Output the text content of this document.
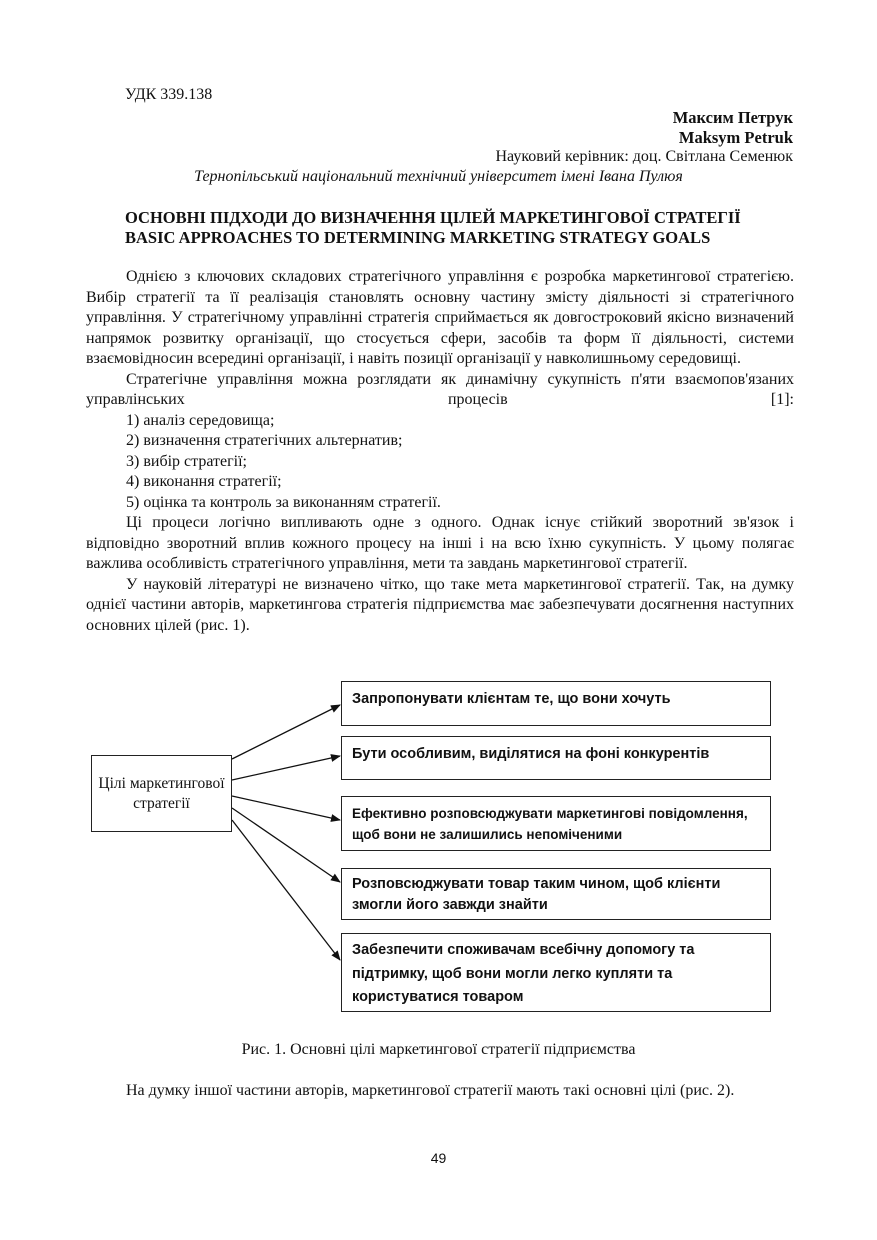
УДК 339.138
Максим Петрук
Maksym Petruk
Науковий керівник: доц. Світлана Семенюк
Тернопільський національний технічний університет імені Івана Пулюя
ОСНОВНІ ПІДХОДИ ДО ВИЗНАЧЕННЯ ЦІЛЕЙ МАРКЕТИНГОВОЇ СТРАТЕГІЇ
BASIC APPROACHES TO DETERMINING MARKETING STRATEGY GOALS

Однією з ключових складових стратегічного управління є розробка маркетингової стратегією. Вибір стратегії та її реалізація становлять основну частину змісту діяльності зі стратегічного управління. У стратегічному управлінні стратегія сприймається як довгостроковий якісно визначений напрямок розвитку організації, що стосується сфери, засобів та форм її діяльності, системи взаємовідносин всередині організації, і навіть позиції організації у навколишньому середовищі.

Стратегічне управління можна розглядати як динамічну сукупність п'яти взаємопов'язаних управлінських процесів [1]:

1) аналіз середовища;

2) визначення стратегічних альтернатив;

3) вибір стратегії;

4) виконання стратегії;

5) оцінка та контроль за виконанням стратегії.

Ці процеси логічно випливають одне з одного. Однак існує стійкий зворотний зв'язок і відповідно зворотний вплив кожного процесу на інші і на всю їхню сукупність. У цьому полягає важлива особливість стратегічного управління, мети та завдань маркетингової стратегії.

У науковій літературі не визначено чітко, що таке мета маркетингової стратегії. Так, на думку однієї частини авторів, маркетингова стратегія підприємства має забезпечувати досягнення наступних основних цілей (рис. 1).

Цілі маркетингової стратегії
Запропонувати клієнтам те, що вони хочуть
Бути особливим, виділятися на фоні конкурентів
Ефективно розповсюджувати маркетингові повідомлення, щоб вони не залишились непоміченими
Розповсюджувати товар таким чином, щоб клієнти змогли його завжди знайти
Забезпечити споживачам всебічну допомогу та підтримку, щоб вони могли легко купляти та користуватися товаром
Рис. 1. Основні цілі маркетингової стратегії підприємства

На думку іншої частини авторів, маркетингової стратегії мають такі основні цілі (рис. 2).

49
